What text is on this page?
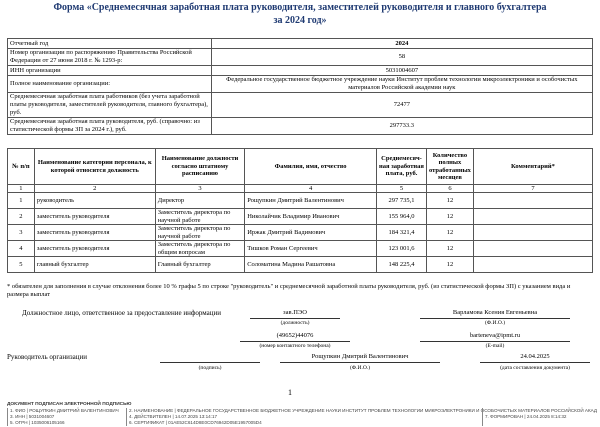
Форма «Среднемесячная заработная плата руководителя, заместителей руководителя и главного бухгалтера
за 2024 год»
Отчетный год	2024
Номер организации по распоряжению Правительства Российской Федерации от 27 июня 2018 г. № 1293-р:	58
ИНН организации	5031004607
Полное наименование организации:	Федеральное государственное бюджетное учреждение науки Институт проблем технологии микроэлектроники и особочистых материалов Российской академии наук
Среднемесячная заработная плата работников (без учета заработной платы руководителя, заместителей руководителя, главного бухгалтера), руб.	72477
Среднемесячная заработная плата руководителя, руб. (справочно: из статистической формы ЗП за 2024 г.), руб.	297733.3
№ п/п	Наименование категории персонала, к которой относится должность	Наименование должности согласно штатному расписанию	Фамилия, имя, отчество	Среднемесяч-ная заработная плата, руб.	Количество полных отработанных месяцев	Комментарий*
1	2	3	4	5	6	7
1	руководитель	Директор	Рощупкин Дмитрий Валентинович	297 735,1	12	
2	заместитель руководителя	Заместитель директора по научной работе	Николайчик Владимир Иванович	155 964,0	12	
3	заместитель руководителя	Заместитель директора по научной работе	Иржак Дмитрий Вадимович	184 321,4	12	
4	заместитель руководителя	Заместитель директора по общим вопросам	Тишков Роман Сергеевич	123 001,6	12	
5	главный бухгалтер	Главный бухгалтер	Соломатина Мадина Рашатовна	148 225,4	12	
* обязателен для заполнения в случае отклонения более 10 % графы 5 по строке "руководитель" и среднемесячной заработной платы руководителя, руб. (из статистической формы ЗП) с указанием вида и размера выплат
Должностное лицо, ответственное за предоставление информации	зав.ПЭО
(должность)
Варламова Ксения Евгеньевна
(Ф.И.О.)
(49652)44076
(номер контактного телефона)
barteneva@ipmt.ru
(E-mail)
Руководитель организации
(подпись)
Рощупкин Дмитрий Валентинович
(Ф.И.О.)
24.04.2025
(дата составления документа)
1
ДОКУМЕНТ ПОДПИСАН ЭЛЕКТРОННОЙ ПОДПИСЬЮ
1. ФИО | РОЩУПКИН ДМИТРИЙ ВАЛЕНТИНОВИЧ
3. ИНН | 5031004607
5. ОГРН | 1035006105166
2. НАИМЕНОВАНИЕ | ФЕДЕРАЛЬНОЕ ГОСУДАРСТВЕННОЕ БЮДЖЕТНОЕ УЧРЕЖДЕНИЕ НАУКИ ИНСТИТУТ ПРОБЛЕМ ТЕХНОЛОГИИ МИКРОЭЛЕКТРОНИКИ И ОСОБОЧИСТЫХ МАТЕРИАЛОВ РОССИЙСКОЙ АКАД
4. ДЕЙСТВИТЕЛЕН | 14.07.2025 13:14:17
6. СЕРТИФИКАТ | 01AE52C614D8E0CD76942D05E1957005D4
7. ФОРМИРОВАН | 24.04.2025 8:14:32
